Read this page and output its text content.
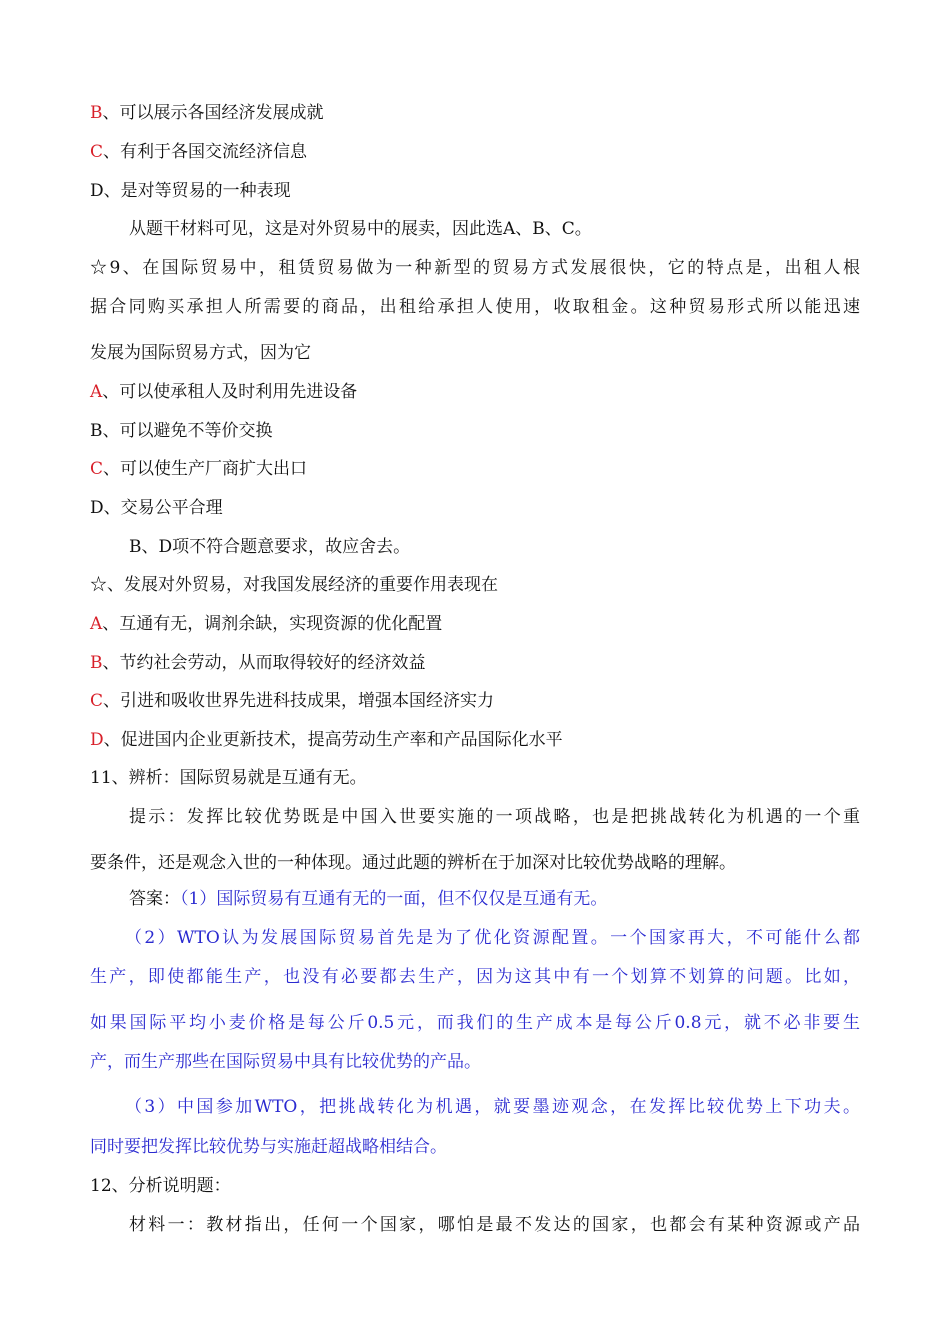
B、可以展示各国经济发展成就
C、有利于各国交流经济信息
D、是对等贸易的一种表现
从题干材料可见，这是对外贸易中的展卖，因此选A、B、C。
☆9、在国际贸易中，租赁贸易做为一种新型的贸易方式发展很快，它的特点是，出租人根
据合同购买承担人所需要的商品，出租给承担人使用，收取租金。这种贸易形式所以能迅速
发展为国际贸易方式，因为它
A、可以使承租人及时利用先进设备
B、可以避免不等价交换
C、可以使生产厂商扩大出口
D、交易公平合理
B、D项不符合题意要求，故应舍去。
☆、发展对外贸易，对我国发展经济的重要作用表现在
A、互通有无，调剂余缺，实现资源的优化配置
B、节约社会劳动，从而取得较好的经济效益
C、引进和吸收世界先进科技成果，增强本国经济实力
D、促进国内企业更新技术，提高劳动生产率和产品国际化水平
11、辨析：国际贸易就是互通有无。
提示：发挥比较优势既是中国入世要实施的一项战略，也是把挑战转化为机遇的一个重
要条件，还是观念入世的一种体现。通过此题的辨析在于加深对比较优势战略的理解。
答案：（1）国际贸易有互通有无的一面，但不仅仅是互通有无。
（2）WTO认为发展国际贸易首先是为了优化资源配置。一个国家再大，不可能什么都
生产，即使都能生产，也没有必要都去生产，因为这其中有一个划算不划算的问题。比如，
如果国际平均小麦价格是每公斤0.5元，而我们的生产成本是每公斤0.8元，就不必非要生
产，而生产那些在国际贸易中具有比较优势的产品。
（3）中国参加WTO，把挑战转化为机遇，就要墨迹观念，在发挥比较优势上下功夫。
同时要把发挥比较优势与实施赶超战略相结合。
12、分析说明题：
材料一：教材指出，任何一个国家，哪怕是最不发达的国家，也都会有某种资源或产品
